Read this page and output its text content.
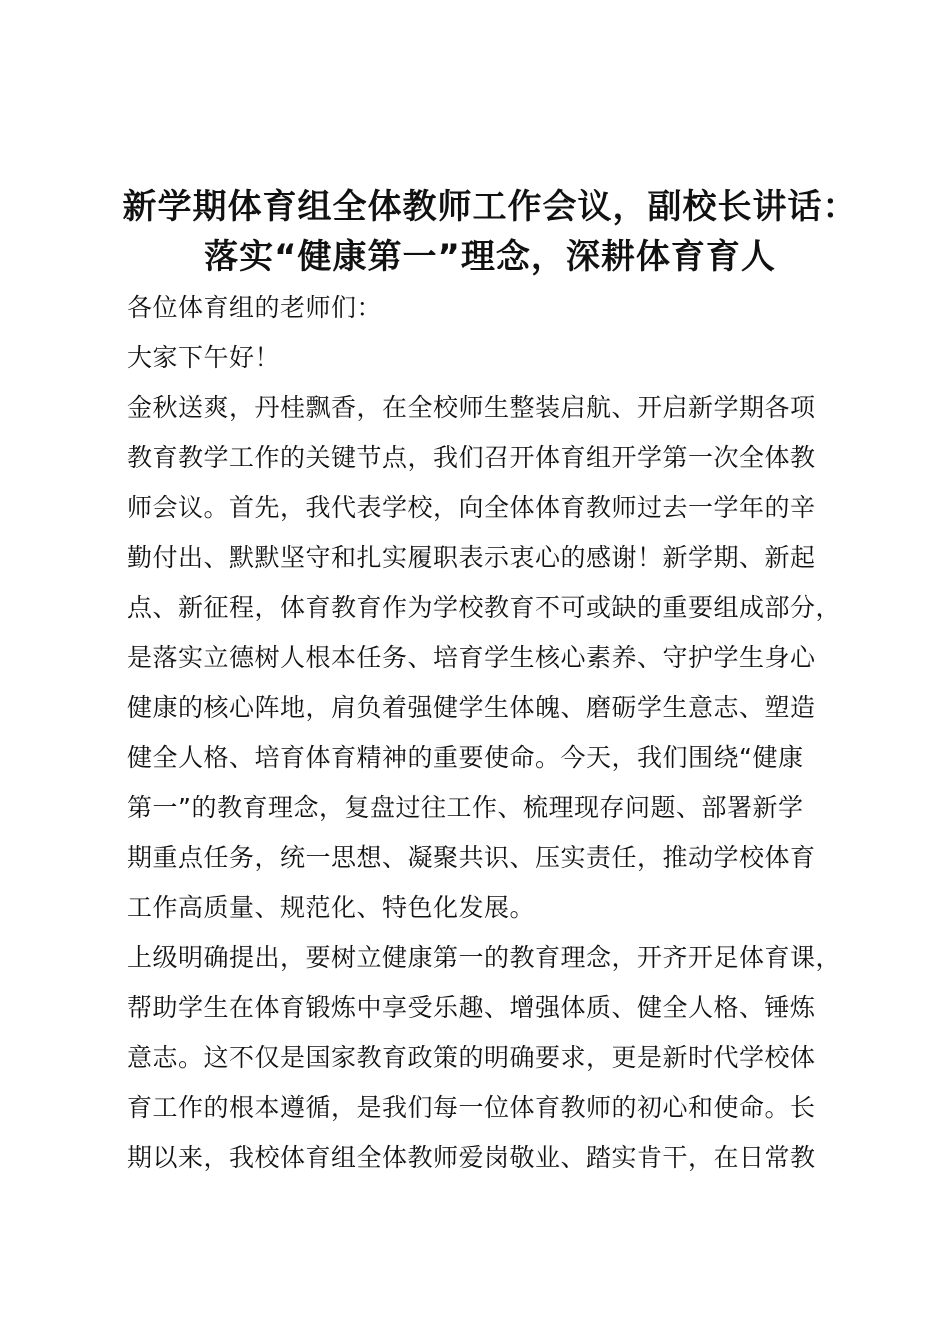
新学期体育组全体教师工作会议，副校长讲话：
落实“健康第一”理念，深耕体育育人

各位体育组的老师们：

大家下午好！

金秋送爽，丹桂飘香，在全校师生整装启航、开启新学期各项
教育教学工作的关键节点，我们召开体育组开学第一次全体教
师会议。首先，我代表学校，向全体体育教师过去一学年的辛
勤付出、默默坚守和扎实履职表示衷心的感谢！新学期、新起
点、新征程，体育教育作为学校教育不可或缺的重要组成部分，
是落实立德树人根本任务、培育学生核心素养、守护学生身心
健康的核心阵地，肩负着强健学生体魄、磨砺学生意志、塑造
健全人格、培育体育精神的重要使命。今天，我们围绕“健康
第一”的教育理念，复盘过往工作、梳理现存问题、部署新学
期重点任务，统一思想、凝聚共识、压实责任，推动学校体育
工作高质量、规范化、特色化发展。

上级明确提出，要树立健康第一的教育理念，开齐开足体育课，
帮助学生在体育锻炼中享受乐趣、增强体质、健全人格、锤炼
意志。这不仅是国家教育政策的明确要求，更是新时代学校体
育工作的根本遵循，是我们每一位体育教师的初心和使命。长
期以来，我校体育组全体教师爱岗敬业、踏实肯干，在日常教
